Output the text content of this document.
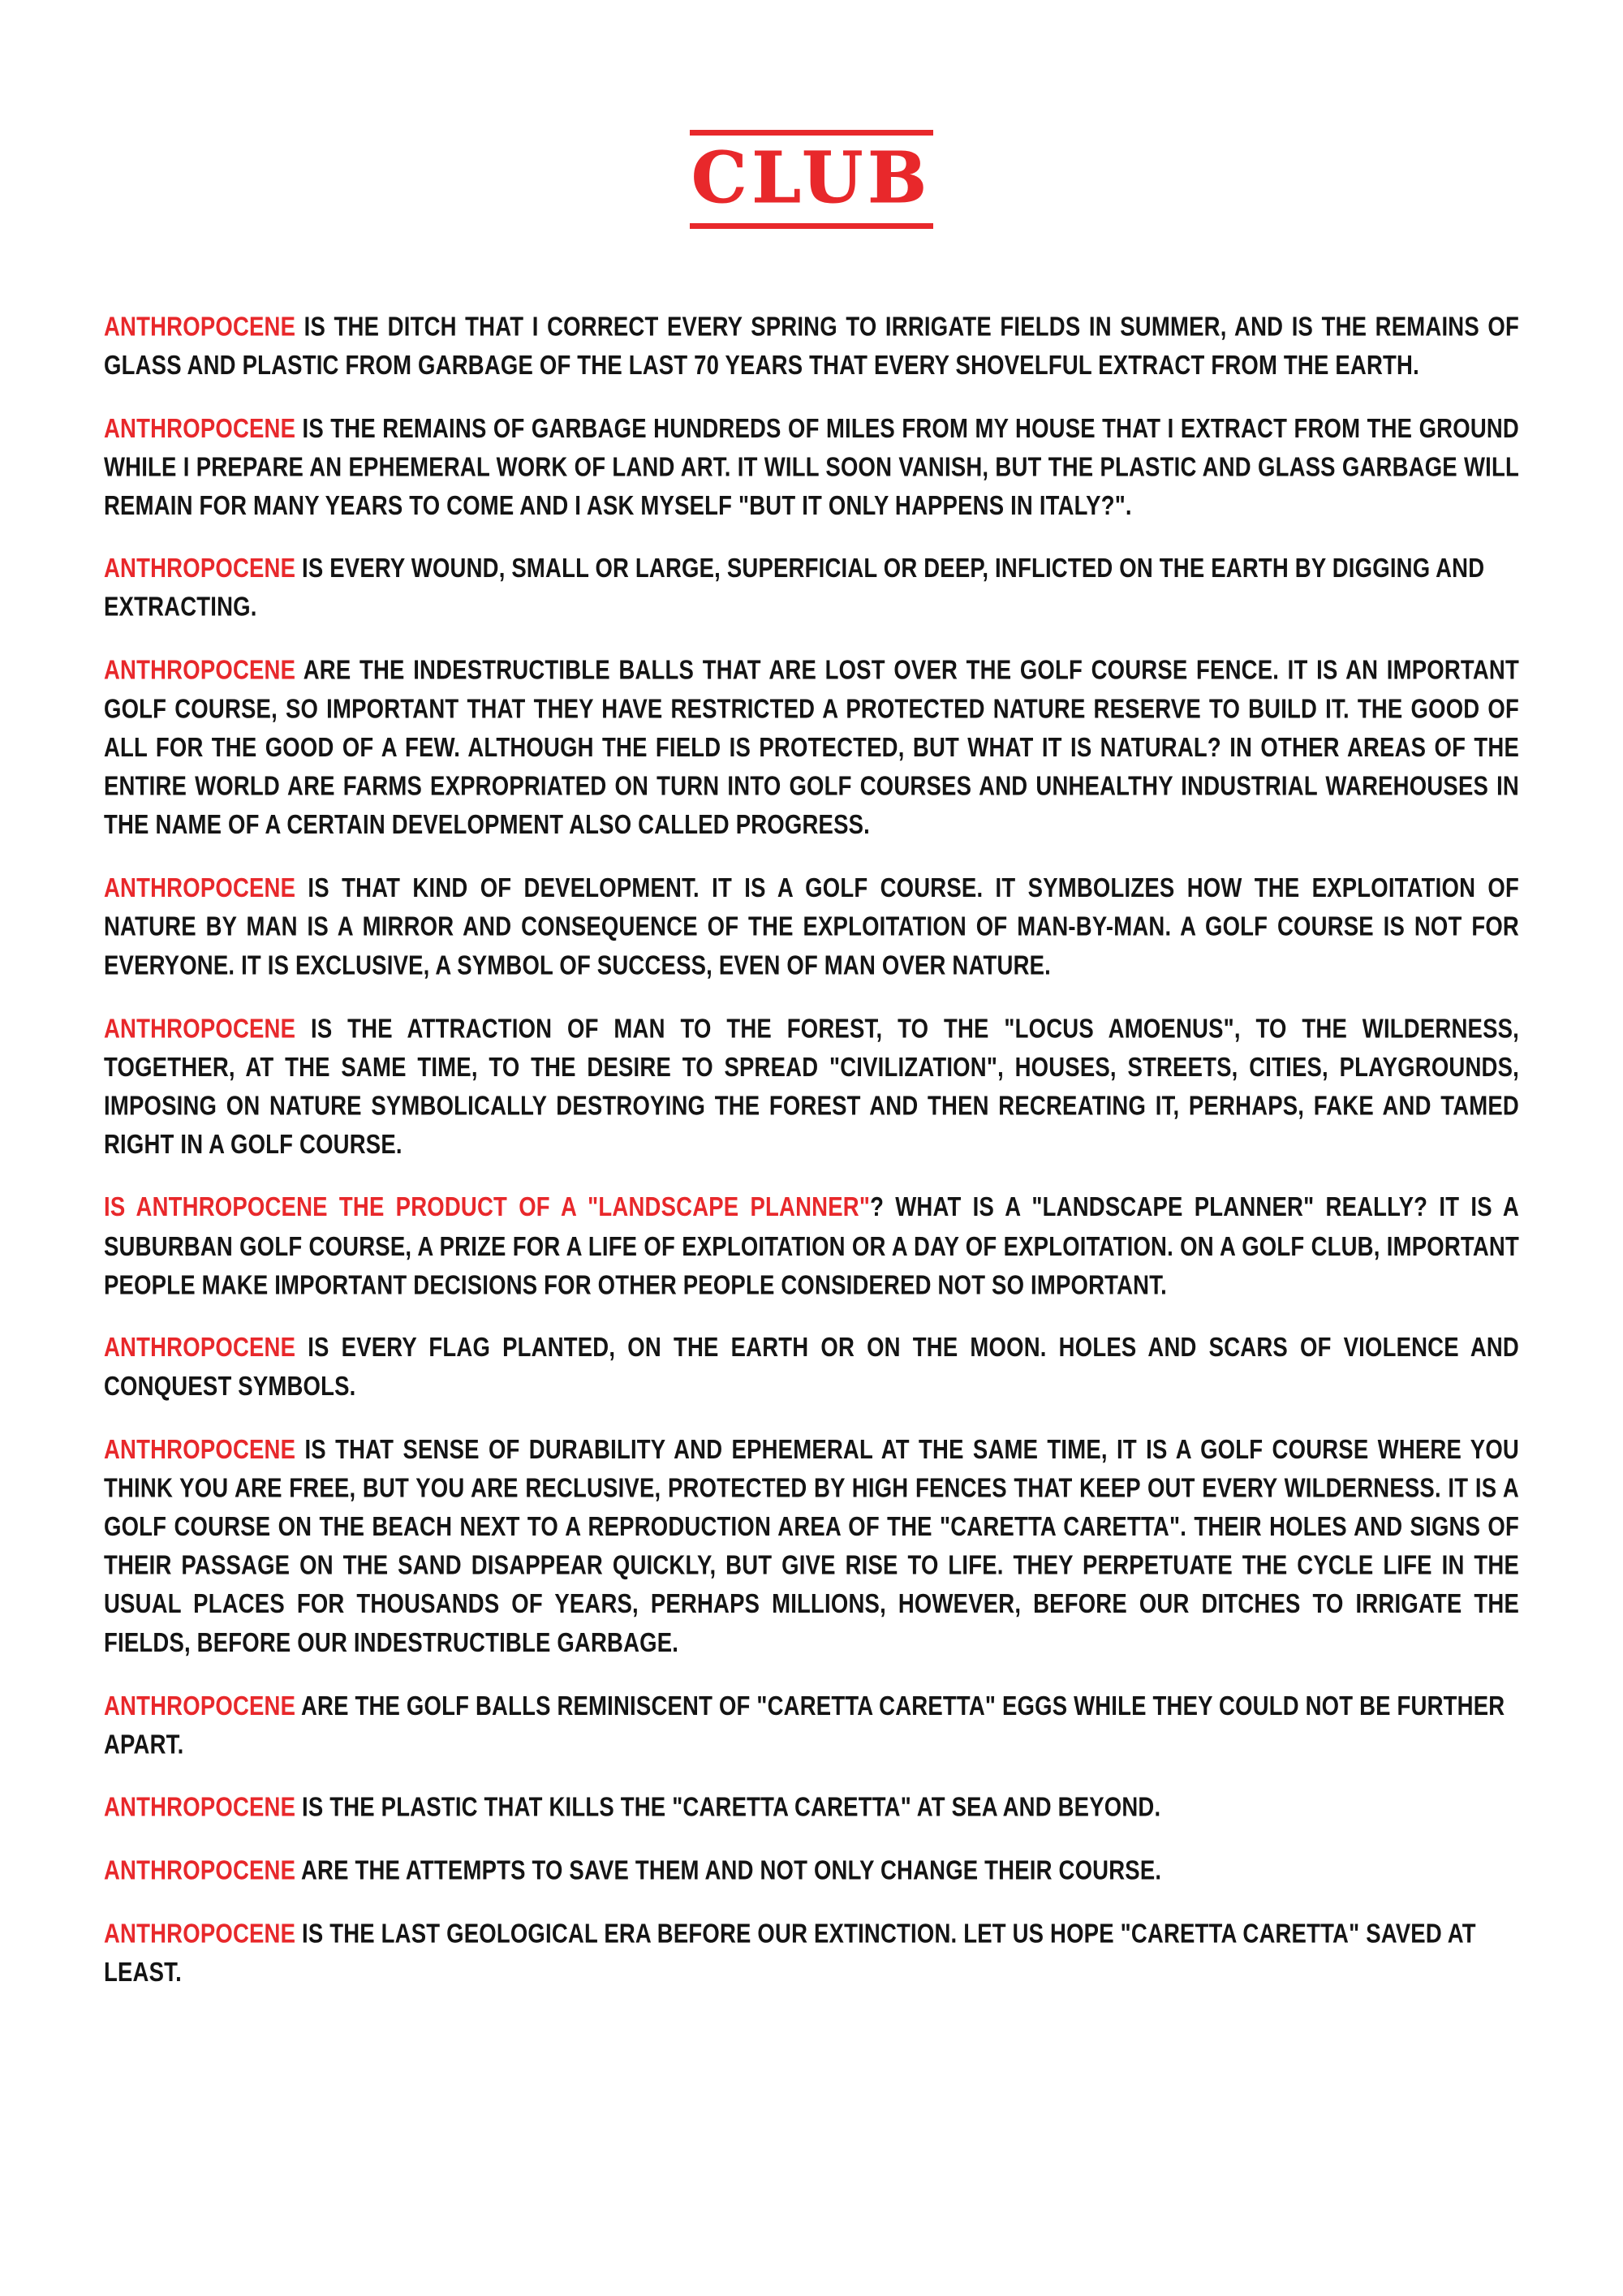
CLUB

ANTHROPOCENE IS THE DITCH THAT I CORRECT EVERY SPRING TO IRRIGATE FIELDS IN SUMMER, AND IS THE REMAINS OF GLASS AND PLASTIC FROM GARBAGE OF THE LAST 70 YEARS THAT EVERY SHOVELFUL EXTRACT FROM THE EARTH.

ANTHROPOCENE IS THE REMAINS OF GARBAGE HUNDREDS OF MILES FROM MY HOUSE THAT I EXTRACT FROM THE GROUND WHILE I PREPARE AN EPHEMERAL WORK OF LAND ART. IT WILL SOON VANISH, BUT THE PLASTIC AND GLASS GARBAGE WILL REMAIN FOR MANY YEARS TO COME AND I ASK MYSELF "BUT IT ONLY HAPPENS IN ITALY?".

ANTHROPOCENE IS EVERY WOUND, SMALL OR LARGE, SUPERFICIAL OR DEEP, INFLICTED ON THE EARTH BY DIGGING AND EXTRACTING.

ANTHROPOCENE ARE THE INDESTRUCTIBLE BALLS THAT ARE LOST OVER THE GOLF COURSE FENCE. IT IS AN IMPORTANT GOLF COURSE, SO IMPORTANT THAT THEY HAVE RESTRICTED A PROTECTED NATURE RESERVE TO BUILD IT. THE GOOD OF ALL FOR THE GOOD OF A FEW. ALTHOUGH THE FIELD IS PROTECTED, BUT WHAT IT IS NATURAL? IN OTHER AREAS OF THE ENTIRE WORLD ARE FARMS EXPROPRIATED ON TURN INTO GOLF COURSES AND UNHEALTHY INDUSTRIAL WAREHOUSES IN THE NAME OF A CERTAIN DEVELOPMENT ALSO CALLED PROGRESS.

ANTHROPOCENE IS THAT KIND OF DEVELOPMENT. IT IS A GOLF COURSE. IT SYMBOLIZES HOW THE EXPLOITATION OF NATURE BY MAN IS A MIRROR AND CONSEQUENCE OF THE EXPLOITATION OF MAN-BY-MAN. A GOLF COURSE IS NOT FOR EVERYONE. IT IS EXCLUSIVE, A SYMBOL OF SUCCESS, EVEN OF MAN OVER NATURE.

ANTHROPOCENE IS THE ATTRACTION OF MAN TO THE FOREST, TO THE "LOCUS AMOENUS", TO THE WILDERNESS, TOGETHER, AT THE SAME TIME, TO THE DESIRE TO SPREAD "CIVILIZATION", HOUSES, STREETS, CITIES, PLAYGROUNDS, IMPOSING ON NATURE SYMBOLICALLY DESTROYING THE FOREST AND THEN RECREATING IT, PERHAPS, FAKE AND TAMED RIGHT IN A GOLF COURSE.

IS ANTHROPOCENE THE PRODUCT OF A "LANDSCAPE PLANNER"? WHAT IS A "LANDSCAPE PLANNER" REALLY? IT IS A SUBURBAN GOLF COURSE, A PRIZE FOR A LIFE OF EXPLOITATION OR A DAY OF EXPLOITATION. ON A GOLF CLUB, IMPORTANT PEOPLE MAKE IMPORTANT DECISIONS FOR OTHER PEOPLE CONSIDERED NOT SO IMPORTANT.

ANTHROPOCENE IS EVERY FLAG PLANTED, ON THE EARTH OR ON THE MOON. HOLES AND SCARS OF VIOLENCE AND CONQUEST SYMBOLS.

ANTHROPOCENE IS THAT SENSE OF DURABILITY AND EPHEMERAL AT THE SAME TIME, IT IS A GOLF COURSE WHERE YOU THINK YOU ARE FREE, BUT YOU ARE RECLUSIVE, PROTECTED BY HIGH FENCES THAT KEEP OUT EVERY WILDERNESS. IT IS A GOLF COURSE ON THE BEACH NEXT TO A REPRODUCTION AREA OF THE "CARETTA CARETTA". THEIR HOLES AND SIGNS OF THEIR PASSAGE ON THE SAND DISAPPEAR QUICKLY, BUT GIVE RISE TO LIFE. THEY PERPETUATE THE CYCLE LIFE IN THE USUAL PLACES FOR THOUSANDS OF YEARS, PERHAPS MILLIONS, HOWEVER, BEFORE OUR DITCHES TO IRRIGATE THE FIELDS, BEFORE OUR INDESTRUCTIBLE GARBAGE.

ANTHROPOCENE ARE THE GOLF BALLS REMINISCENT OF "CARETTA CARETTA" EGGS WHILE THEY COULD NOT BE FURTHER APART.

ANTHROPOCENE IS THE PLASTIC THAT KILLS THE "CARETTA CARETTA" AT SEA AND BEYOND.

ANTHROPOCENE ARE THE ATTEMPTS TO SAVE THEM AND NOT ONLY CHANGE THEIR COURSE.

ANTHROPOCENE IS THE LAST GEOLOGICAL ERA BEFORE OUR EXTINCTION. LET US HOPE "CARETTA CARETTA" SAVED AT LEAST.
